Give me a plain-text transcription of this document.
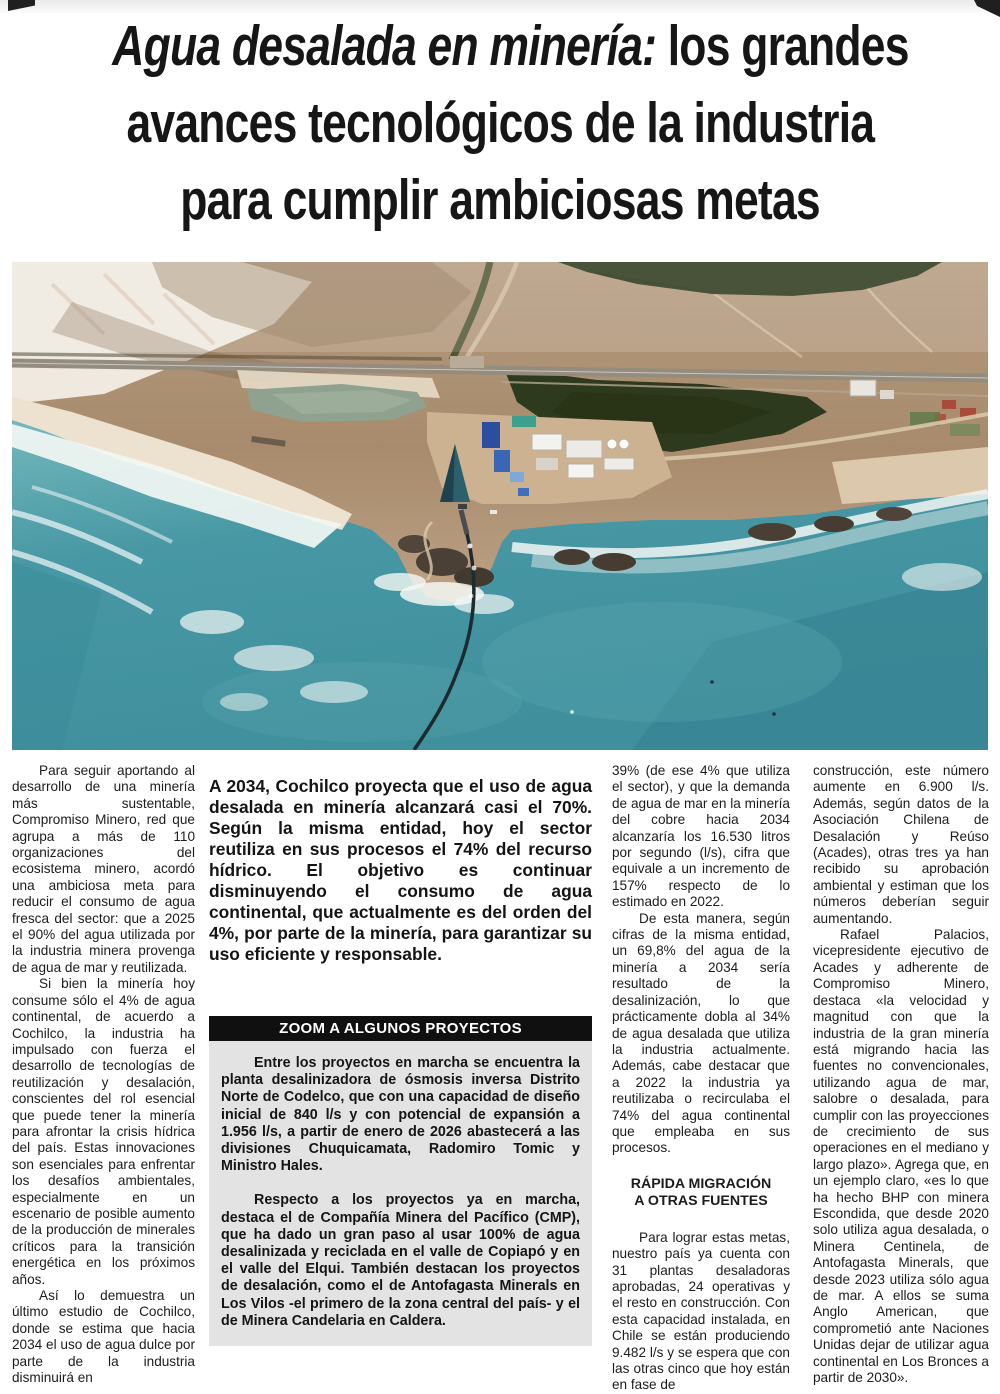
Agua desalada en minería: los grandes
avances tecnológicos de la industria
para cumplir ambiciosas metas

Para seguir aportando al desarrollo de una minería más sustentable, Compromiso Minero, red que agrupa a más de 110 organizaciones del ecosistema minero, acordó una ambiciosa meta para reducir el consumo de agua fresca del sector: que a 2025 el 90% del agua utilizada por la industria minera provenga de agua de mar y reutilizada.

Si bien la minería hoy consume sólo el 4% de agua continental, de acuerdo a Cochilco, la industria ha impulsado con fuerza el desarrollo de tecnologías de reutilización y desalación, conscientes del rol esencial que puede tener la minería para afrontar la crisis hídrica del país. Estas innovaciones son esenciales para enfrentar los desafíos ambientales, especialmente en un escenario de posible aumento de la producción de minerales críticos para la transición energética en los próximos años.

Así lo demuestra un último estudio de Cochilco, donde se estima que hacia 2034 el uso de agua dulce por parte de la industria disminuirá en

A 2034, Cochilco proyecta que el uso de agua desalada en minería alcanzará casi el 70%. Según la misma entidad, hoy el sector reutiliza en sus procesos el 74% del recurso hídrico. El objetivo es continuar disminuyendo el consumo de agua continental, que actualmente es del orden del 4%, por parte de la minería, para garantizar su uso eficiente y responsable.

ZOOM A ALGUNOS PROYECTOS

Entre los proyectos en marcha se encuentra la planta desalinizadora de ósmosis inversa Distrito Norte de Codelco, que con una capacidad de diseño inicial de 840 l/s y con potencial de expansión a 1.956 l/s, a partir de enero de 2026 abastecerá a las divisiones Chuquicamata, Radomiro Tomic y Ministro Hales.

Respecto a los proyectos ya en marcha, destaca el de Compañía Minera del Pacífico (CMP), que ha dado un gran paso al usar 100% de agua desalinizada y reciclada en el valle de Copiapó y en el valle del Elqui. También destacan los proyectos de desalación, como el de Antofagasta Minerals en Los Vilos -el primero de la zona central del país- y el de Minera Candelaria en Caldera.

39% (de ese 4% que utiliza el sector), y que la demanda de agua de mar en la minería del cobre hacia 2034 alcanzaría los 16.530 litros por segundo (l/s), cifra que equivale a un incremento de 157% respecto de lo estimado en 2022.

De esta manera, según cifras de la misma entidad, un 69,8% del agua de la minería a 2034 sería resultado de la desalinización, lo que prácticamente dobla al 34% de agua desalada que utiliza la industria actualmente. Además, cabe destacar que a 2022 la industria ya reutilizaba o recirculaba el 74% del agua continental que empleaba en sus procesos.

RÁPIDA MIGRACIÓN
A OTRAS FUENTES

Para lograr estas metas, nuestro país ya cuenta con 31 plantas desaladoras aprobadas, 24 operativas y el resto en construcción. Con esta capacidad instalada, en Chile se están produciendo 9.482 l/s y se espera que con las otras cinco que hoy están en fase de

construcción, este número aumente en 6.900 l/s. Además, según datos de la Asociación Chilena de Desalación y Reúso (Acades), otras tres ya han recibido su aprobación ambiental y estiman que los números deberían seguir aumentando.

Rafael Palacios, vicepresidente ejecutivo de Acades y adherente de Compromiso Minero, destaca «la velocidad y magnitud con que la industria de la gran minería está migrando hacia las fuentes no convencionales, utilizando agua de mar, salobre o desalada, para cumplir con las proyecciones de crecimiento de sus operaciones en el mediano y largo plazo». Agrega que, en un ejemplo claro, «es lo que ha hecho BHP con minera Escondida, que desde 2020 solo utiliza agua desalada, o Minera Centinela, de Antofagasta Minerals, que desde 2023 utiliza sólo agua de mar. A ellos se suma Anglo American, que comprometió ante Naciones Unidas dejar de utilizar agua continental en Los Bronces a partir de 2030».
